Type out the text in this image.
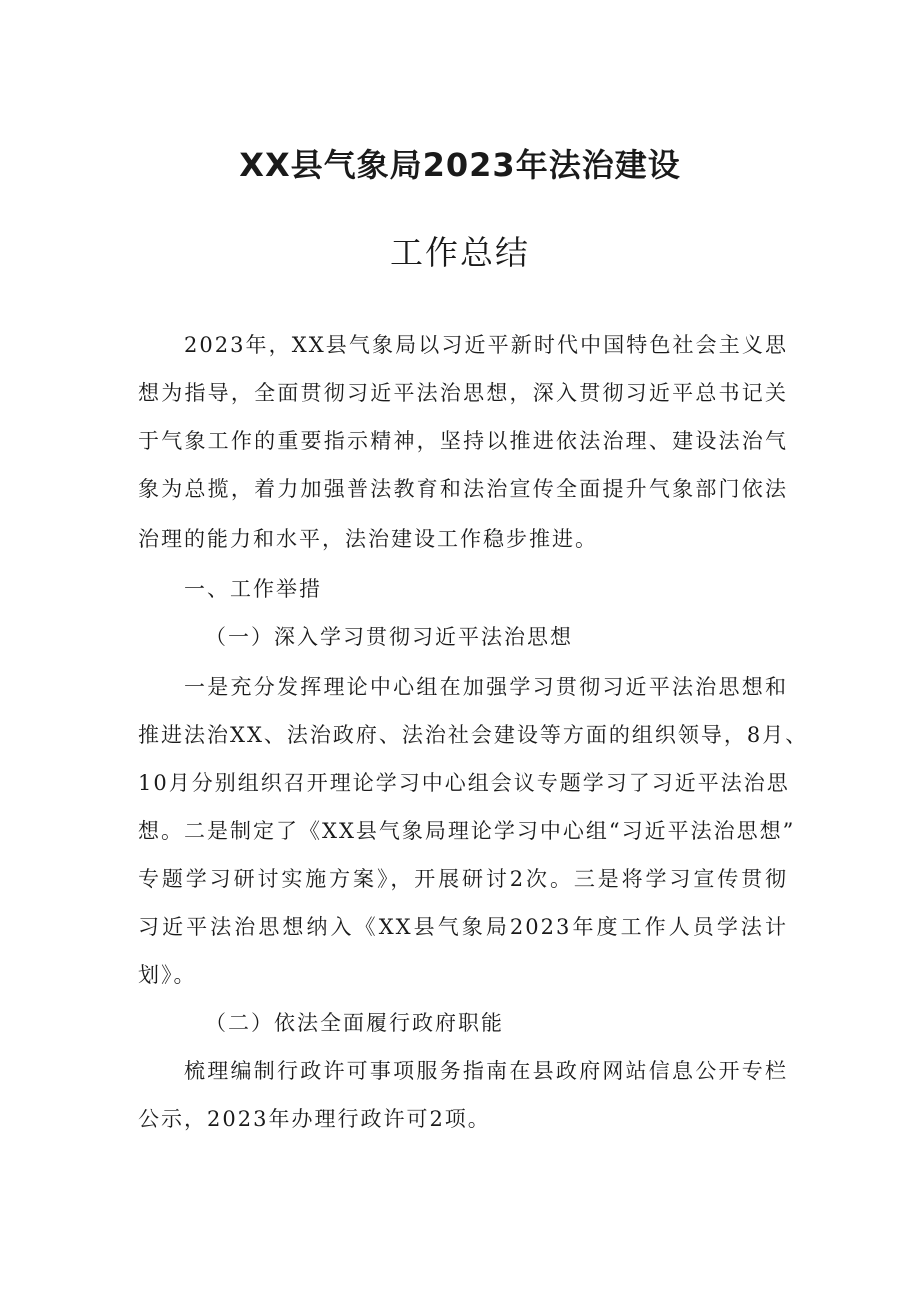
XX县气象局2023年法治建设
工作总结
2023年，XX县气象局以习近平新时代中国特色社会主义思
想为指导，全面贯彻习近平法治思想，深入贯彻习近平总书记关
于气象工作的重要指示精神，坚持以推进依法治理、建设法治气
象为总揽，着力加强普法教育和法治宣传全面提升气象部门依法
治理的能力和水平，法治建设工作稳步推进。
一、工作举措
（一）深入学习贯彻习近平法治思想
一是充分发挥理论中心组在加强学习贯彻习近平法治思想和
推进法治XX、法治政府、法治社会建设等方面的组织领导，8月、
10月分别组织召开理论学习中心组会议专题学习了习近平法治思
想。二是制定了《XX县气象局理论学习中心组“习近平法治思想”
专题学习研讨实施方案》，开展研讨2次。三是将学习宣传贯彻
习近平法治思想纳入《XX县气象局2023年度工作人员学法计
划》。
（二）依法全面履行政府职能
梳理编制行政许可事项服务指南在县政府网站信息公开专栏
公示，2023年办理行政许可2项。
